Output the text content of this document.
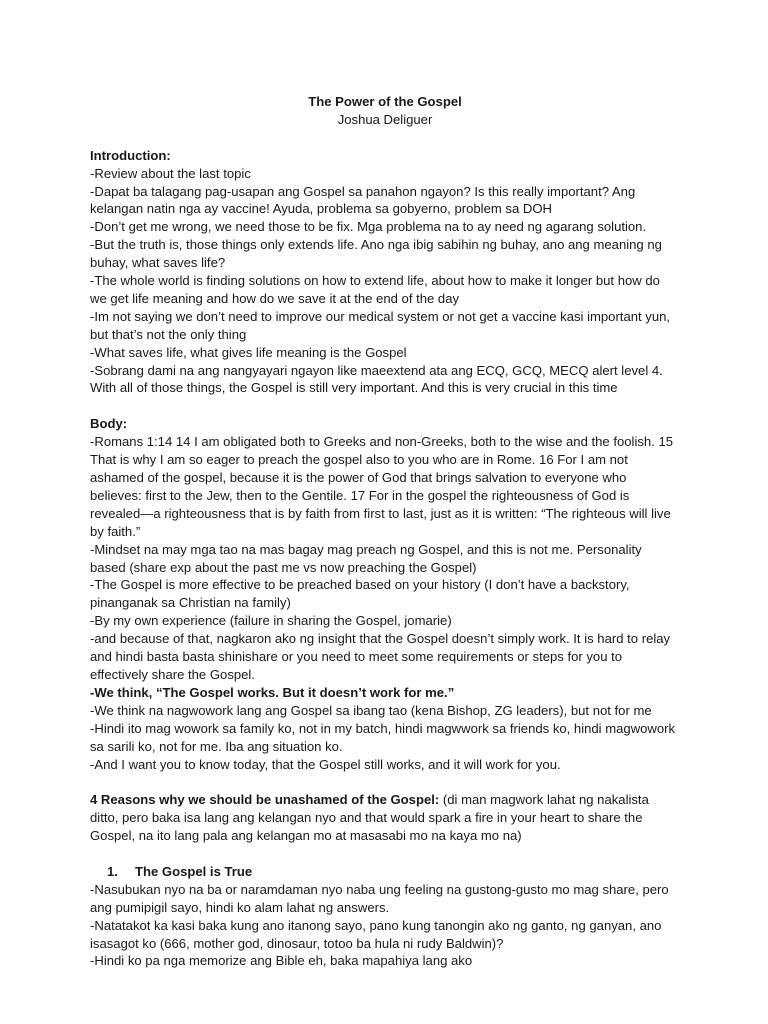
The Power of the Gospel

Joshua Deliguer

Introduction:

-Review about the last topic

-Dapat ba talagang pag-usapan ang Gospel sa panahon ngayon? Is this really important? Ang kelangan natin nga ay vaccine! Ayuda, problema sa gobyerno, problem sa DOH

-Don’t get me wrong, we need those to be fix. Mga problema na to ay need ng agarang solution.

-But the truth is, those things only extends life. Ano nga ibig sabihin ng buhay, ano ang meaning ng buhay, what saves life?

-The whole world is finding solutions on how to extend life, about how to make it longer but how do we get life meaning and how do we save it at the end of the day

-Im not saying we don’t need to improve our medical system or not get a vaccine kasi important yun, but that’s not the only thing

-What saves life, what gives life meaning is the Gospel

-Sobrang dami na ang nangyayari ngayon like maeextend ata ang ECQ, GCQ, MECQ alert level 4. With all of those things, the Gospel is still very important. And this is very crucial in this time

Body:

-Romans 1:14 14 I am obligated both to Greeks and non-Greeks, both to the wise and the foolish. 15 That is why I am so eager to preach the gospel also to you who are in Rome. 16 For I am not ashamed of the gospel, because it is the power of God that brings salvation to everyone who believes: first to the Jew, then to the Gentile. 17 For in the gospel the righteousness of God is revealed—a righteousness that is by faith from first to last, just as it is written: “The righteous will live by faith.”

-Mindset na may mga tao na mas bagay mag preach ng Gospel, and this is not me. Personality based (share exp about the past me vs now preaching the Gospel)

-The Gospel is more effective to be preached based on your history (I don’t have a backstory, pinanganak sa Christian na family)

-By my own experience (failure in sharing the Gospel, jomarie)

-and because of that, nagkaron ako ng insight that the Gospel doesn’t simply work. It is hard to relay and hindi basta basta shinishare or you need to meet some requirements or steps for you to effectively share the Gospel.

-We think, “The Gospel works. But it doesn’t work for me.”

-We think na nagwowork lang ang Gospel sa ibang tao (kena Bishop, ZG leaders), but not for me

-Hindi ito mag wowork sa family ko, not in my batch, hindi magwwork sa friends ko, hindi magwowork sa sarili ko, not for me. Iba ang situation ko.

-And I want you to know today, that the Gospel still works, and it will work for you.

4 Reasons why we should be unashamed of the Gospel: (di man magwork lahat ng nakalista ditto, pero baka isa lang ang kelangan nyo and that would spark a fire in your heart to share the Gospel, na ito lang pala ang kelangan mo at masasabi mo na kaya mo na)

1. The Gospel is True

-Nasubukan nyo na ba or naramdaman nyo naba ung feeling na gustong-gusto mo mag share, pero ang pumipigil sayo, hindi ko alam lahat ng answers.

-Natatakot ka kasi baka kung ano itanong sayo, pano kung tanongin ako ng ganto, ng ganyan, ano isasagot ko (666, mother god, dinosaur, totoo ba hula ni rudy Baldwin)?

-Hindi ko pa nga memorize ang Bible eh, baka mapahiya lang ako
